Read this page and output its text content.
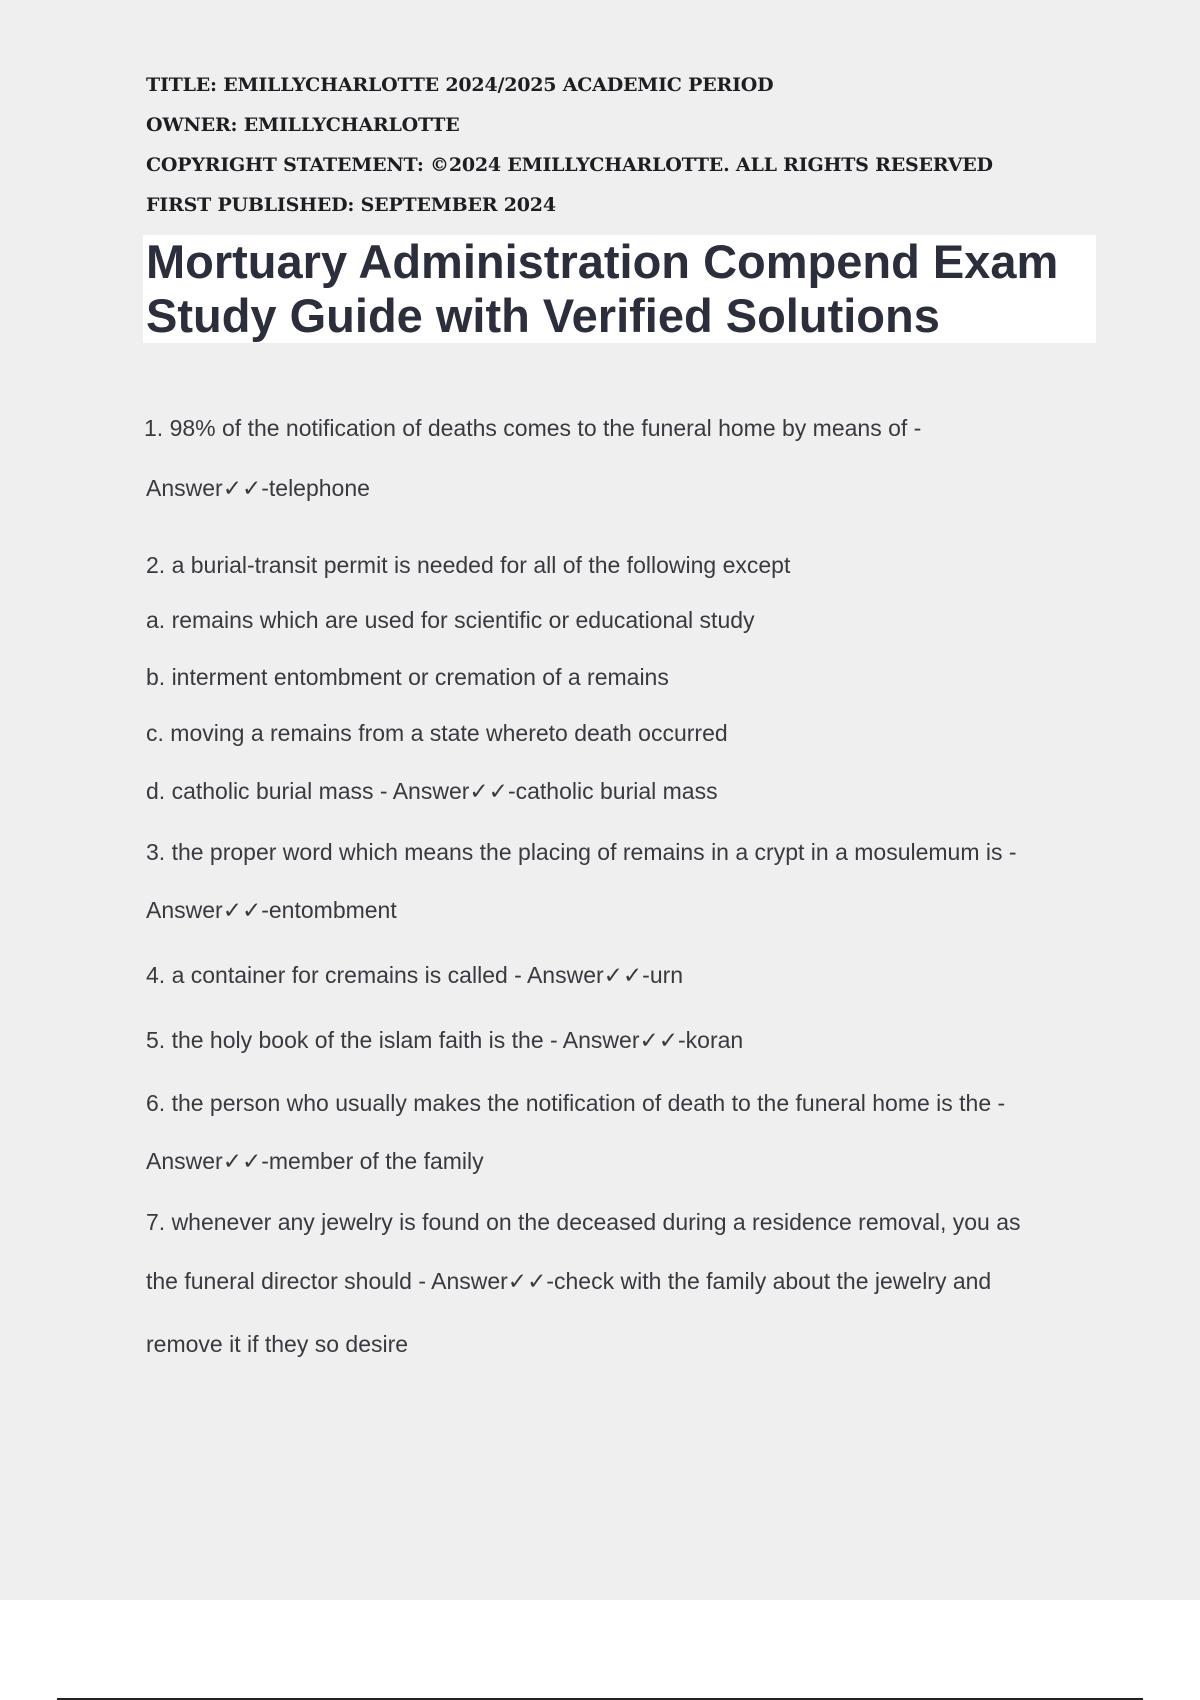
TITLE: EMILLYCHARLOTTE 2024/2025 ACADEMIC PERIOD
OWNER: EMILLYCHARLOTTE
COPYRIGHT STATEMENT: ©2024 EMILLYCHARLOTTE. ALL RIGHTS RESERVED
FIRST PUBLISHED: SEPTEMBER 2024
Mortuary Administration Compend Exam
Study Guide with Verified Solutions
1. 98% of the notification of deaths comes to the funeral home by means of -
Answer✓✓-telephone
2. a burial-transit permit is needed for all of the following except
a. remains which are used for scientific or educational study
b. interment entombment or cremation of a remains
c. moving a remains from a state whereto death occurred
d. catholic burial mass - Answer✓✓-catholic burial mass
3. the proper word which means the placing of remains in a crypt in a mosulemum is -
Answer✓✓-entombment
4. a container for cremains is called - Answer✓✓-urn
5. the holy book of the islam faith is the - Answer✓✓-koran
6. the person who usually makes the notification of death to the funeral home is the -
Answer✓✓-member of the family
7. whenever any jewelry is found on the deceased during a residence removal, you as
the funeral director should - Answer✓✓-check with the family about the jewelry and
remove it if they so desire
